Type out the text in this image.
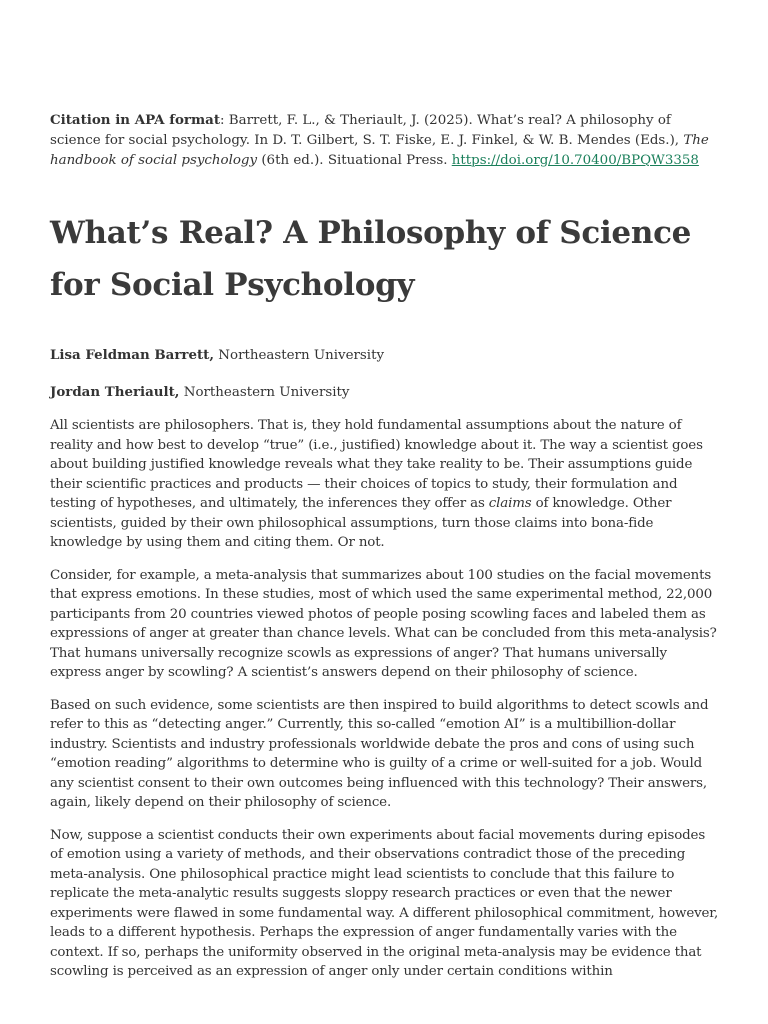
Citation in APA format: Barrett, F. L., & Theriault, J. (2025). What’s real? A philosophy of science for social psychology. In D. T. Gilbert, S. T. Fiske, E. J. Finkel, & W. B. Mendes (Eds.), The handbook of social psychology (6th ed.). Situational Press. https://doi.org/10.70400/BPQW3358

What’s Real? A Philosophy of Science for Social Psychology

Lisa Feldman Barrett, Northeastern University

Jordan Theriault, Northeastern University

All scientists are philosophers. That is, they hold fundamental assumptions about the nature of reality and how best to develop “true” (i.e., justified) knowledge about it. The way a scientist goes about building justified knowledge reveals what they take reality to be. Their assumptions guide their scientific practices and products — their choices of topics to study, their formulation and testing of hypotheses, and ultimately, the inferences they offer as claims of knowledge. Other scientists, guided by their own philosophical assumptions, turn those claims into bona-fide knowledge by using them and citing them. Or not.

Consider, for example, a meta-analysis that summarizes about 100 studies on the facial movements that express emotions. In these studies, most of which used the same experimental method, 22,000 participants from 20 countries viewed photos of people posing scowling faces and labeled them as expressions of anger at greater than chance levels. What can be concluded from this meta-analysis? That humans universally recognize scowls as expressions of anger? That humans universally express anger by scowling? A scientist’s answers depend on their philosophy of science.

Based on such evidence, some scientists are then inspired to build algorithms to detect scowls and refer to this as “detecting anger.” Currently, this so-called “emotion AI” is a multibillion-dollar industry. Scientists and industry professionals worldwide debate the pros and cons of using such “emotion reading” algorithms to determine who is guilty of a crime or well-suited for a job. Would any scientist consent to their own outcomes being influenced with this technology? Their answers, again, likely depend on their philosophy of science.

Now, suppose a scientist conducts their own experiments about facial movements during episodes of emotion using a variety of methods, and their observations contradict those of the preceding meta-analysis. One philosophical practice might lead scientists to conclude that this failure to replicate the meta-analytic results suggests sloppy research practices or even that the newer experiments were flawed in some fundamental way. A different philosophical commitment, however, leads to a different hypothesis. Perhaps the expression of anger fundamentally varies with the context. If so, perhaps the uniformity observed in the original meta-analysis may be evidence that scowling is perceived as an expression of anger only under certain conditions within
